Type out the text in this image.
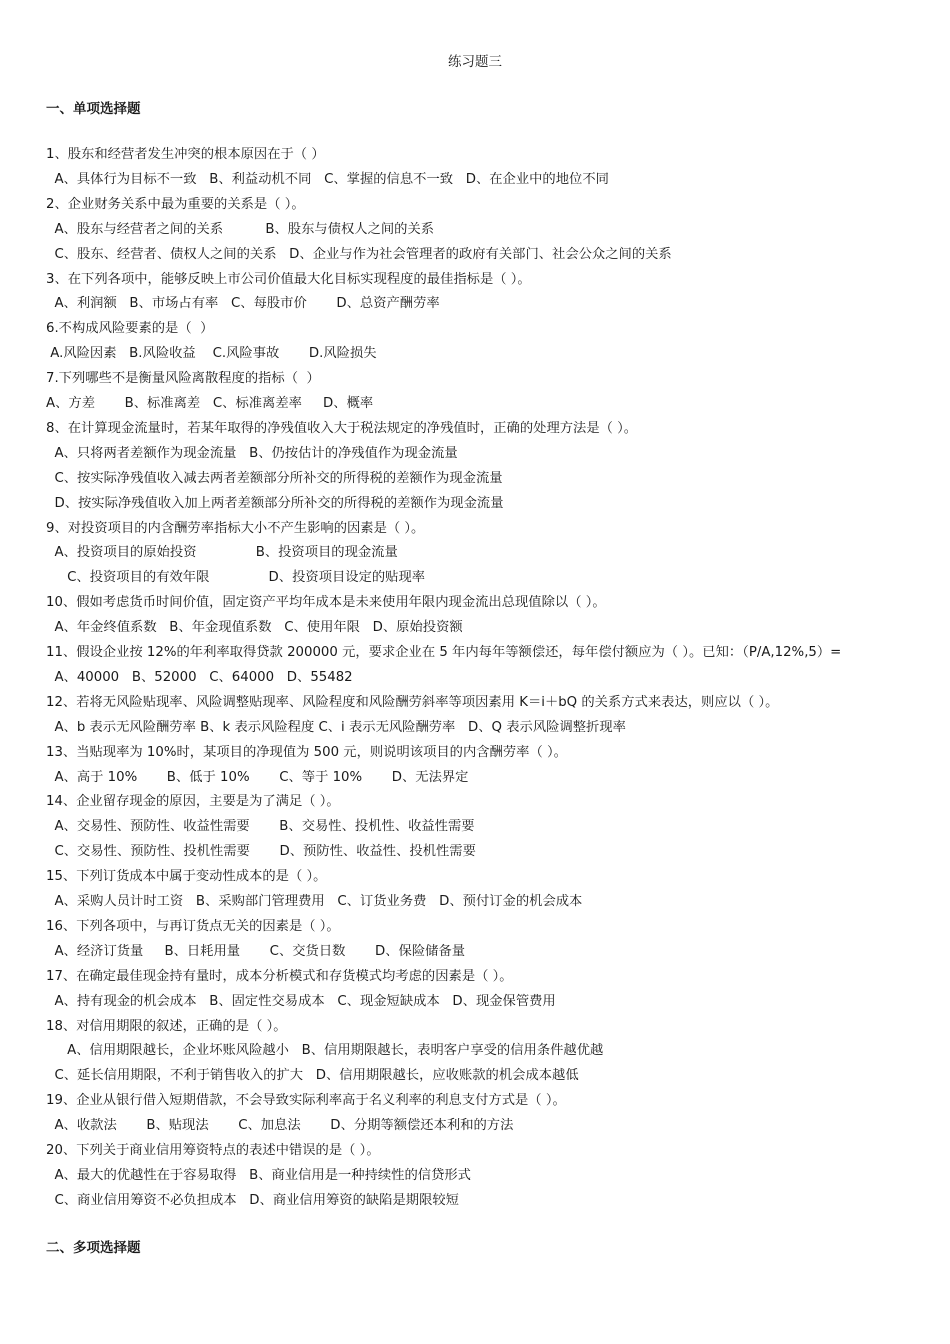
练习题三
一、单项选择题
1、股东和经营者发生冲突的根本原因在于（ ）
A、具体行为目标不一致   B、利益动机不同   C、掌握的信息不一致   D、在企业中的地位不同
2、企业财务关系中最为重要的关系是（ ）。
A、股东与经营者之间的关系          B、股东与债权人之间的关系
C、股东、经营者、债权人之间的关系   D、企业与作为社会管理者的政府有关部门、社会公众之间的关系
3、在下列各项中，能够反映上市公司价值最大化目标实现程度的最佳指标是（ ）。
A、利润额   B、市场占有率   C、每股市价       D、总资产酬劳率
6.不构成风险要素的是（  ）
A.风险因素   B.风险收益    C.风险事故       D.风险损失
7.下列哪些不是衡量风险离散程度的指标（  ）
A、方差       B、标准离差   C、标准离差率     D、概率
8、在计算现金流量时，若某年取得的净残值收入大于税法规定的净残值时，正确的处理方法是（ ）。
A、只将两者差额作为现金流量   B、仍按估计的净残值作为现金流量
C、按实际净残值收入减去两者差额部分所补交的所得税的差额作为现金流量
D、按实际净残值收入加上两者差额部分所补交的所得税的差额作为现金流量
9、对投资项目的内含酬劳率指标大小不产生影响的因素是（ ）。
A、投资项目的原始投资              B、投资项目的现金流量
C、投资项目的有效年限              D、投资项目设定的贴现率
10、假如考虑货币时间价值，固定资产平均年成本是未来使用年限内现金流出总现值除以（ ）。
A、年金终值系数   B、年金现值系数   C、使用年限   D、原始投资额
11、假设企业按 12%的年利率取得贷款 200000 元，要求企业在 5 年内每年等额偿还，每年偿付额应为（ ）。已知：（P/A,12%,5）=
A、40000   B、52000   C、64000   D、55482
12、若将无风险贴现率、风险调整贴现率、风险程度和风险酬劳斜率等项因素用 K＝i＋bQ 的关系方式来表达，则应以（ ）。
A、b 表示无风险酬劳率 B、k 表示风险程度 C、i 表示无风险酬劳率   D、Q 表示风险调整折现率
13、当贴现率为 10%时，某项目的净现值为 500 元，则说明该项目的内含酬劳率（ ）。
A、高于 10%       B、低于 10%       C、等于 10%       D、无法界定
14、企业留存现金的原因，主要是为了满足（ ）。
A、交易性、预防性、收益性需要       B、交易性、投机性、收益性需要
C、交易性、预防性、投机性需要       D、预防性、收益性、投机性需要
15、下列订货成本中属于变动性成本的是（ ）。
A、采购人员计时工资   B、采购部门管理费用   C、订货业务费   D、预付订金的机会成本
16、下列各项中，与再订货点无关的因素是（ ）。
A、经济订货量     B、日耗用量       C、交货日数       D、保险储备量
17、在确定最佳现金持有量时，成本分析模式和存货模式均考虑的因素是（ ）。
A、持有现金的机会成本   B、固定性交易成本   C、现金短缺成本   D、现金保管费用
18、对信用期限的叙述，正确的是（ ）。
A、信用期限越长，企业坏账风险越小   B、信用期限越长，表明客户享受的信用条件越优越
C、延长信用期限，不利于销售收入的扩大   D、信用期限越长，应收账款的机会成本越低
19、企业从银行借入短期借款，不会导致实际利率高于名义利率的利息支付方式是（ ）。
A、收款法       B、贴现法       C、加息法       D、分期等额偿还本利和的方法
20、下列关于商业信用筹资特点的表述中错误的是（ ）。
A、最大的优越性在于容易取得   B、商业信用是一种持续性的信贷形式
C、商业信用筹资不必负担成本   D、商业信用筹资的缺陷是期限较短
二、多项选择题
